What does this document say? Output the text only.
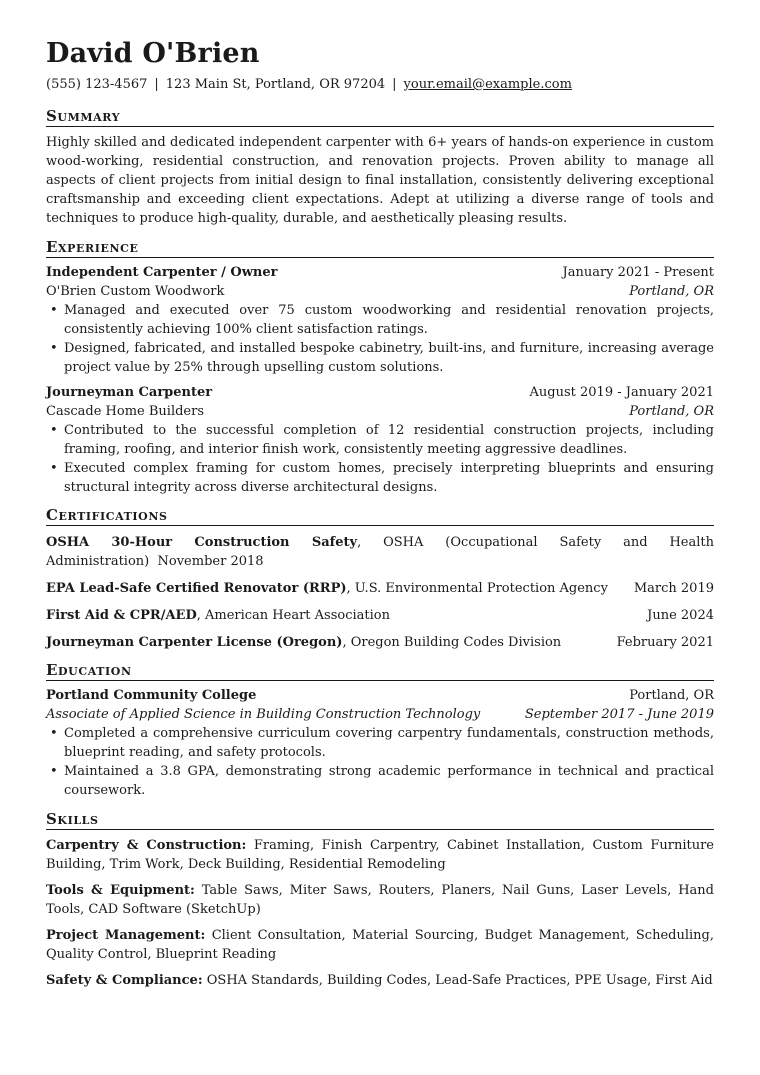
David O'Brien
(555) 123-4567 | 123 Main St, Portland, OR 97204 | your.email@example.com
Summary
Highly skilled and dedicated independent carpenter with 6+ years of hands-on experience in custom wood-working, residential construction, and renovation projects. Proven ability to manage all aspects of client projects from initial design to final installation, consistently delivering exceptional craftsmanship and exceeding client expectations. Adept at utilizing a diverse range of tools and techniques to produce high-quality, durable, and aesthetically pleasing results.
Experience
Independent Carpenter / Owner	January 2021 - Present
O'Brien Custom Woodwork	Portland, OR
• Managed and executed over 75 custom woodworking and residential renovation projects, consistently achieving 100% client satisfaction ratings.
• Designed, fabricated, and installed bespoke cabinetry, built-ins, and furniture, increasing average project value by 25% through upselling custom solutions.
Journeyman Carpenter	August 2019 - January 2021
Cascade Home Builders	Portland, OR
• Contributed to the successful completion of 12 residential construction projects, including framing, roofing, and interior finish work, consistently meeting aggressive deadlines.
• Executed complex framing for custom homes, precisely interpreting blueprints and ensuring structural integrity across diverse architectural designs.
Certifications
OSHA 30-Hour Construction Safety, OSHA (Occupational Safety and Health Administration) November 2018
EPA Lead-Safe Certified Renovator (RRP), U.S. Environmental Protection Agency March 2019
First Aid & CPR/AED, American Heart Association	June 2024
Journeyman Carpenter License (Oregon), Oregon Building Codes Division	February 2021
Education
Portland Community College	Portland, OR
Associate of Applied Science in Building Construction Technology	September 2017 - June 2019
• Completed a comprehensive curriculum covering carpentry fundamentals, construction methods, blueprint reading, and safety protocols.
• Maintained a 3.8 GPA, demonstrating strong academic performance in technical and practical coursework.
Skills
Carpentry & Construction: Framing, Finish Carpentry, Cabinet Installation, Custom Furniture Building, Trim Work, Deck Building, Residential Remodeling
Tools & Equipment: Table Saws, Miter Saws, Routers, Planers, Nail Guns, Laser Levels, Hand Tools, CAD Software (SketchUp)
Project Management: Client Consultation, Material Sourcing, Budget Management, Scheduling, Quality Control, Blueprint Reading
Safety & Compliance: OSHA Standards, Building Codes, Lead-Safe Practices, PPE Usage, First Aid
